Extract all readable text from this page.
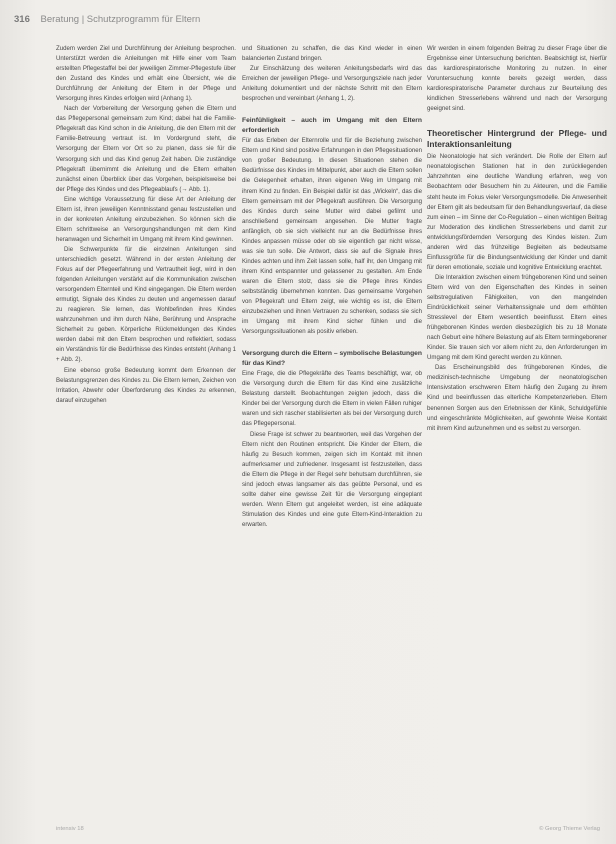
316 Beratung | Schutzprogramm für Eltern

Zudem werden Ziel und Durchführung der Anleitung besprochen. Unterstützt werden die Anleitungen mit Hilfe einer vom Team erstellten Pflegestaffel bei der jeweiligen Zimmer-Pflegestufe über den Zustand des Kindes und erhält eine Übersicht, wie die Durchführung der Anleitung der Eltern in der Pflege und Versorgung ihres Kindes erfolgen wird (Anhang 1).

Nach der Vorbereitung der Versorgung gehen die Eltern und das Pflegepersonal gemeinsam zum Kind; dabei hat die Familie-Pflegekraft das Kind schon in die Anleitung, die den Eltern mit der Familie-Betreuung vertraut ist. Im Vordergrund steht, die Versorgung der Eltern vor Ort so zu planen, dass sie für die Versorgung sich und das Kind genug Zeit haben. Die zuständige Pflegekraft übernimmt die Anleitung und die Eltern erhalten zunächst einen Überblick über das Vorgehen, beispielsweise bei der Pflege des Kindes und des Pflegeablaufs (→ Abb. 1).

Eine wichtige Voraussetzung für diese Art der Anleitung der Eltern ist, ihren jeweiligen Kenntnisstand genau festzustellen und in der konkreten Anleitung einzubeziehen. So können sich die Eltern schrittweise an Versorgungshandlungen mit dem Kind heranwagen und Sicherheit im Umgang mit ihrem Kind gewinnen.

Die Schwerpunkte für die einzelnen Anleitungen sind unterschiedlich gesetzt. Während in der ersten Anleitung der Fokus auf der Pflegeerfahrung und Vertrautheit liegt, wird in den folgenden Anleitungen verstärkt auf die Kommunikation zwischen versorgendem Elternteil und Kind eingegangen. Die Eltern werden ermutigt, Signale des Kindes zu deuten und angemessen darauf zu reagieren. Sie lernen, das Wohlbefinden ihres Kindes wahrzunehmen und ihm durch Nähe, Berührung und Ansprache Sicherheit zu geben. Körperliche Rückmeldungen des Kindes werden dabei mit den Eltern besprochen und reflektiert, sodass ein Verständnis für die Bedürfnisse des Kindes entsteht (Anhang 1 + Abb. 2).

Eine ebenso große Bedeutung kommt dem Erkennen der Belastungsgrenzen des Kindes zu. Die Eltern lernen, Zeichen von Irritation, Abwehr oder Überforderung des Kindes zu erkennen, darauf einzugehen

und Situationen zu schaffen, die das Kind wieder in einen balancierten Zustand bringen.

Zur Einschätzung des weiteren Anleitungsbedarfs wird das Erreichen der jeweiligen Pflege- und Versorgungsziele nach jeder Anleitung dokumentiert und der nächste Schritt mit den Eltern besprochen und vereinbart (Anhang 1, 2).

Feinfühligkeit – auch im Umgang mit den Eltern erforderlich

Für das Erleben der Elternrolle und für die Beziehung zwischen Eltern und Kind sind positive Erfahrungen in den Pflegesituationen von großer Bedeutung. In diesen Situationen stehen die Bedürfnisse des Kindes im Mittelpunkt, aber auch die Eltern sollen die Gelegenheit erhalten, ihren eigenen Weg im Umgang mit ihrem Kind zu finden. Ein Beispiel dafür ist das „Wickeln“, das die Eltern gemeinsam mit der Pflegekraft ausführen. Die Versorgung des Kindes durch seine Mutter wird dabei gefilmt und anschließend gemeinsam angesehen. Die Mutter fragte anfänglich, ob sie sich vielleicht nur an die Bedürfnisse ihres Kindes anpassen müsse oder ob sie eigentlich gar nicht wisse, was sie tun solle. Die Antwort, dass sie auf die Signale ihres Kindes achten und ihm Zeit lassen solle, half ihr, den Umgang mit ihrem Kind entspannter und gelassener zu gestalten. Am Ende waren die Eltern stolz, dass sie die Pflege ihres Kindes selbstständig übernehmen konnten. Das gemeinsame Vorgehen von Pflegekraft und Eltern zeigt, wie wichtig es ist, die Eltern einzubeziehen und ihnen Vertrauen zu schenken, sodass sie sich im Umgang mit ihrem Kind sicher fühlen und die Versorgungssituationen als positiv erleben.

Versorgung durch die Eltern – symbolische Belastungen für das Kind?

Eine Frage, die die Pflegekräfte des Teams beschäftigt, war, ob die Versorgung durch die Eltern für das Kind eine zusätzliche Belastung darstellt. Beobachtungen zeigten jedoch, dass die Kinder bei der Versorgung durch die Eltern in vielen Fällen ruhiger waren und sich rascher stabilisierten als bei der Versorgung durch das Pflegepersonal.

Diese Frage ist schwer zu beantworten, weil das Vorgehen der Eltern nicht den Routinen entspricht. Die Kinder der Eltern, die häufig zu Besuch kommen, zeigen sich im Kontakt mit ihnen aufmerksamer und zufriedener. Insgesamt ist festzustellen, dass die Eltern die Pflege in der Regel sehr behutsam durchführen, sie sind jedoch etwas langsamer als das geübte Personal, und es sollte daher eine gewisse Zeit für die Versorgung eingeplant werden. Wenn Eltern gut angeleitet werden, ist eine adäquate Stimulation des Kindes und eine gute Eltern-Kind-Interaktion zu erwarten.

Wir werden in einem folgenden Beitrag zu dieser Frage über die Ergebnisse einer Untersuchung berichten. Beabsichtigt ist, hierfür das kardiorespiratorische Monitoring zu nutzen. In einer Voruntersuchung konnte bereits gezeigt werden, dass kardiorespiratorische Parameter durchaus zur Beurteilung des kindlichen Stresserlebens während und nach der Versorgung geeignet sind.

Theoretischer Hintergrund der Pflege- und Interaktionsanleitung

Die Neonatologie hat sich verändert. Die Rolle der Eltern auf neonatologischen Stationen hat in den zurückliegenden Jahrzehnten eine deutliche Wandlung erfahren, weg von Beobachtern oder Besuchern hin zu Akteuren, und die Familie steht heute im Fokus vieler Versorgungsmodelle. Die Anwesenheit der Eltern gilt als bedeutsam für den Behandlungsverlauf, da diese zum einen – im Sinne der Co-Regulation – einen wichtigen Beitrag zur Moderation des kindlichen Stresserlebens und damit zur entwicklungsfördernden Versorgung des Kindes leisten. Zum anderen wird das frühzeitige Begleiten als bedeutsame Einflussgröße für die Bindungsentwicklung der Kinder und damit für deren emotionale, soziale und kognitive Entwicklung erachtet.

Die Interaktion zwischen einem frühgeborenen Kind und seinen Eltern wird von den Eigenschaften des Kindes in seinen selbstregulativen Fähigkeiten, von den mangelnden Eindrücklichkeit seiner Verhaltenssignale und dem erhöhten Stresslevel der Eltern wesentlich beeinflusst. Eltern eines frühgeborenen Kindes werden diesbezüglich bis zu 18 Monate nach Geburt eine höhere Belastung auf als Eltern termingeborener Kinder. Sie trauen sich vor allem nicht zu, den Anforderungen im Umgang mit dem Kind gerecht werden zu können.

Das Erscheinungsbild des frühgeborenen Kindes, die medizinisch-technische Umgebung der neonatologischen Intensivstation erschweren Eltern häufig den Zugang zu ihrem Kind und beeinflussen das elterliche Kompetenzerleben. Eltern benennen Sorgen aus den Erlebnissen der Klinik, Schuldgefühle und eingeschränkte Möglichkeiten, auf gewohnte Weise Kontakt mit ihrem Kind aufzunehmen und es selbst zu versorgen.

intensiv 18	© Georg Thieme Verlag
